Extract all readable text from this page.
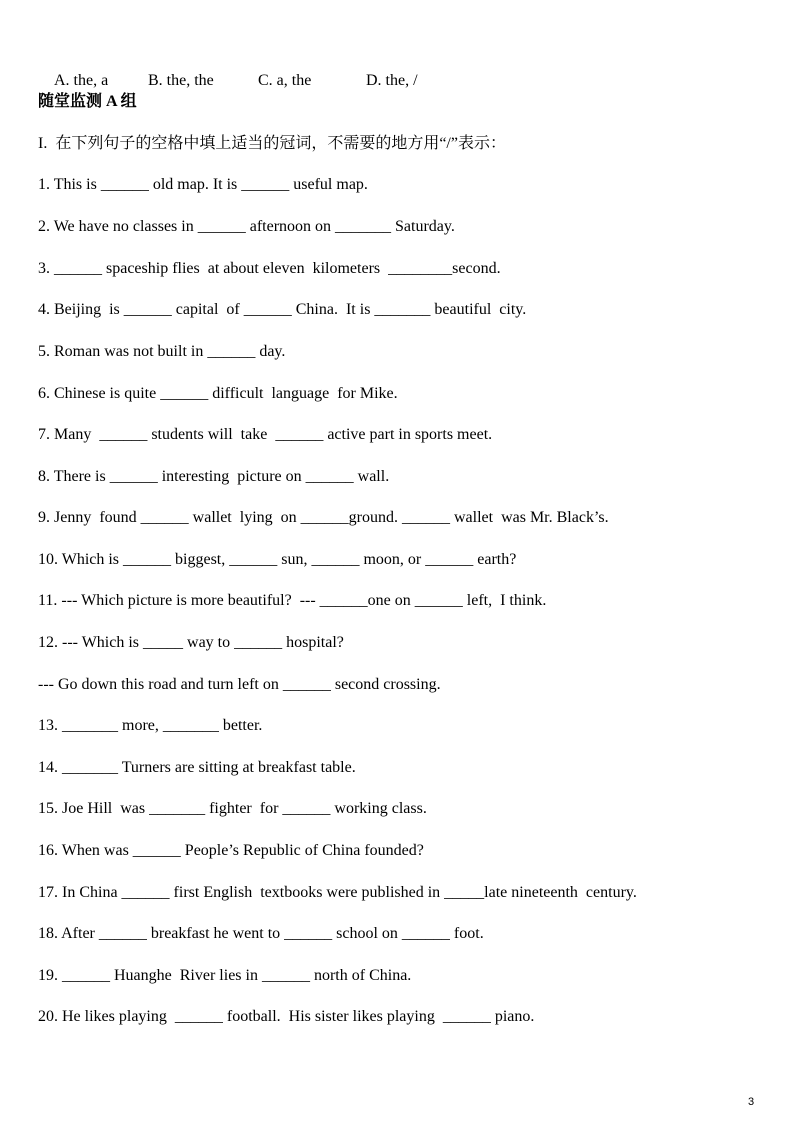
A. the, a B. the, the	C. a, the	D. the, /

随堂监测 A 组
I.  在下列句子的空格中填上适当的冠词，不需要的地方用“/”表示：
1. This is ______ old map. It is ______ useful map.
2. We have no classes in ______ afternoon on _______ Saturday.
3. ______ spaceship flies  at about eleven  kilometers  ________second.
4. Beijing  is ______ capital  of ______ China.  It is _______ beautiful  city.
5. Roman was not built in ______ day.
6. Chinese is quite ______ difficult  language  for Mike.
7. Many  ______ students will  take  ______ active part in sports meet.
8. There is ______ interesting  picture on ______ wall.
9. Jenny  found ______ wallet  lying  on ______ground. ______ wallet  was Mr. Black’s.
10. Which is ______ biggest, ______ sun, ______ moon, or ______ earth?
11. --- Which picture is more beautiful?  --- ______one on ______ left,  I think.
12. --- Which is _____ way to ______ hospital?
--- Go down this road and turn left on ______ second crossing.
13. _______ more, _______ better.
14. _______ Turners are sitting at breakfast table.
15. Joe Hill  was _______ fighter  for ______ working class.
16. When was ______ People’s Republic of China founded?
17. In China ______ first English  textbooks were published in _____late nineteenth  century.
18. After ______ breakfast he went to ______ school on ______ foot.
19. ______ Huanghe  River lies in ______ north of China.
20. He likes playing  ______ football.  His sister likes playing  ______ piano.
3
